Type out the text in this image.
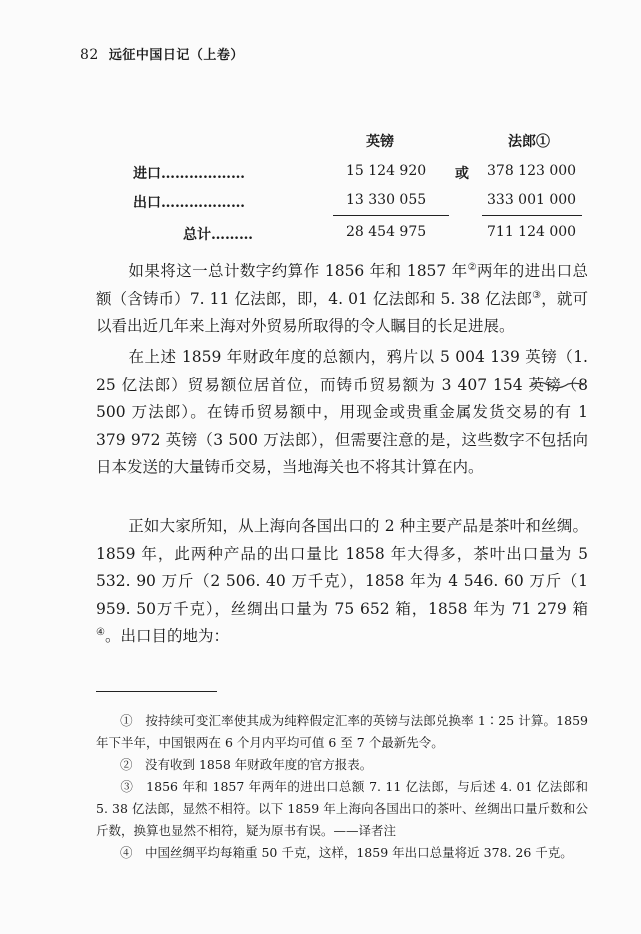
82 远征中国日记（上卷）
英镑	法郎①
进口………………	15 124 920 或 378 123 000
出口………………	13 330 055	333 001 000
总计………	28 454 975	711 124 000
如果将这一总计数字约算作 1856 年和 1857 年②两年的进出口总额（含铸币）7. 11 亿法郎，即，4. 01 亿法郎和 5. 38 亿法郎③，就可以看出近几年来上海对外贸易所取得的令人瞩目的长足进展。
在上述 1859 年财政年度的总额内，鸦片以 5 004 139 英镑（1. 25 亿法郎）贸易额位居首位，而铸币贸易额为 3 407 154 英镑（8 500 万法郎）。在铸币贸易额中，用现金或贵重金属发货交易的有 1 379 972 英镑（3 500 万法郎），但需要注意的是，这些数字不包括向日本发送的大量铸币交易，当地海关也不将其计算在内。
正如大家所知，从上海向各国出口的 2 种主要产品是茶叶和丝绸。1859 年，此两种产品的出口量比 1858 年大得多，茶叶出口量为 5 532. 90 万斤（2 506. 40 万千克），1858 年为 4 546. 60 万斤（1 959. 50万千克），丝绸出口量为 75 652 箱，1858 年为 71 279 箱④。出口目的地为：
①　按持续可变汇率使其成为纯粹假定汇率的英镑与法郎兑换率 1∶25 计算。1859 年下半年，中国银两在 6 个月内平均可值 6 至 7 个最新先令。
②　没有收到 1858 年财政年度的官方报表。
③　1856 年和 1857 年两年的进出口总额 7. 11 亿法郎，与后述 4. 01 亿法郎和 5. 38 亿法郎，显然不相符。以下 1859 年上海向各国出口的茶叶、丝绸出口量斤数和公斤数，换算也显然不相符，疑为原书有误。——译者注
④　中国丝绸平均每箱重 50 千克，这样，1859 年出口总量将近 378. 26 千克。
